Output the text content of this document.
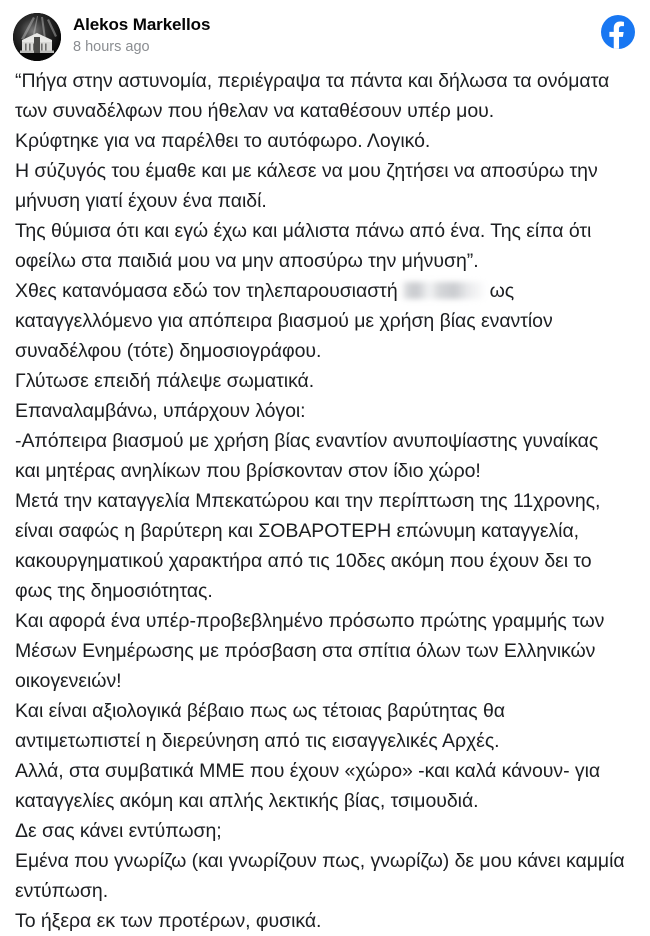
Alekos Markellos
8 hours ago
“Πήγα στην αστυνομία, περιέγραψα τα πάντα και δήλωσα τα ονόματα
των συναδέλφων που ήθελαν να καταθέσουν υπέρ μου.
Κρύφτηκε για να παρέλθει το αυτόφωρο. Λογικό.
Η σύζυγός του έμαθε και με κάλεσε να μου ζητήσει να αποσύρω την
μήνυση γιατί έχουν ένα παιδί.
Της θύμισα ότι και εγώ έχω και μάλιστα πάνω από ένα. Της είπα ότι
οφείλω στα παιδιά μου να μην αποσύρω την μήνυση”.
Χθες κατανόμασα εδώ τον τηλεπαρουσιαστή	ως
καταγγελλόμενο για απόπειρα βιασμού με χρήση βίας εναντίον
συναδέλφου (τότε) δημοσιογράφου.
Γλύτωσε επειδή πάλεψε σωματικά.
Επαναλαμβάνω, υπάρχουν λόγοι:
-Απόπειρα βιασμού με χρήση βίας εναντίον ανυποψίαστης γυναίκας
και μητέρας ανηλίκων που βρίσκονταν στον ίδιο χώρο!
Μετά την καταγγελία Μπεκατώρου και την περίπτωση της 11χρονης,
είναι σαφώς η βαρύτερη και ΣΟΒΑΡΟΤΕΡΗ επώνυμη καταγγελία,
κακουργηματικού χαρακτήρα από τις 10δες ακόμη που έχουν δει το
φως της δημοσιότητας.
Και αφορά ένα υπέρ-προβεβλημένο πρόσωπο πρώτης γραμμής των
Μέσων Ενημέρωσης με πρόσβαση στα σπίτια όλων των Ελληνικών
οικογενειών!
Και είναι αξιολογικά βέβαιο πως ως τέτοιας βαρύτητας θα
αντιμετωπιστεί η διερεύνηση από τις εισαγγελικές Αρχές.
Αλλά, στα συμβατικά ΜΜΕ που έχουν «χώρο» -και καλά κάνουν- για
καταγγελίες ακόμη και απλής λεκτικής βίας, τσιμουδιά.
Δε σας κάνει εντύπωση;
Εμένα που γνωρίζω (και γνωρίζουν πως, γνωρίζω) δε μου κάνει καμμία
εντύπωση.
Το ήξερα εκ των προτέρων, φυσικά.
